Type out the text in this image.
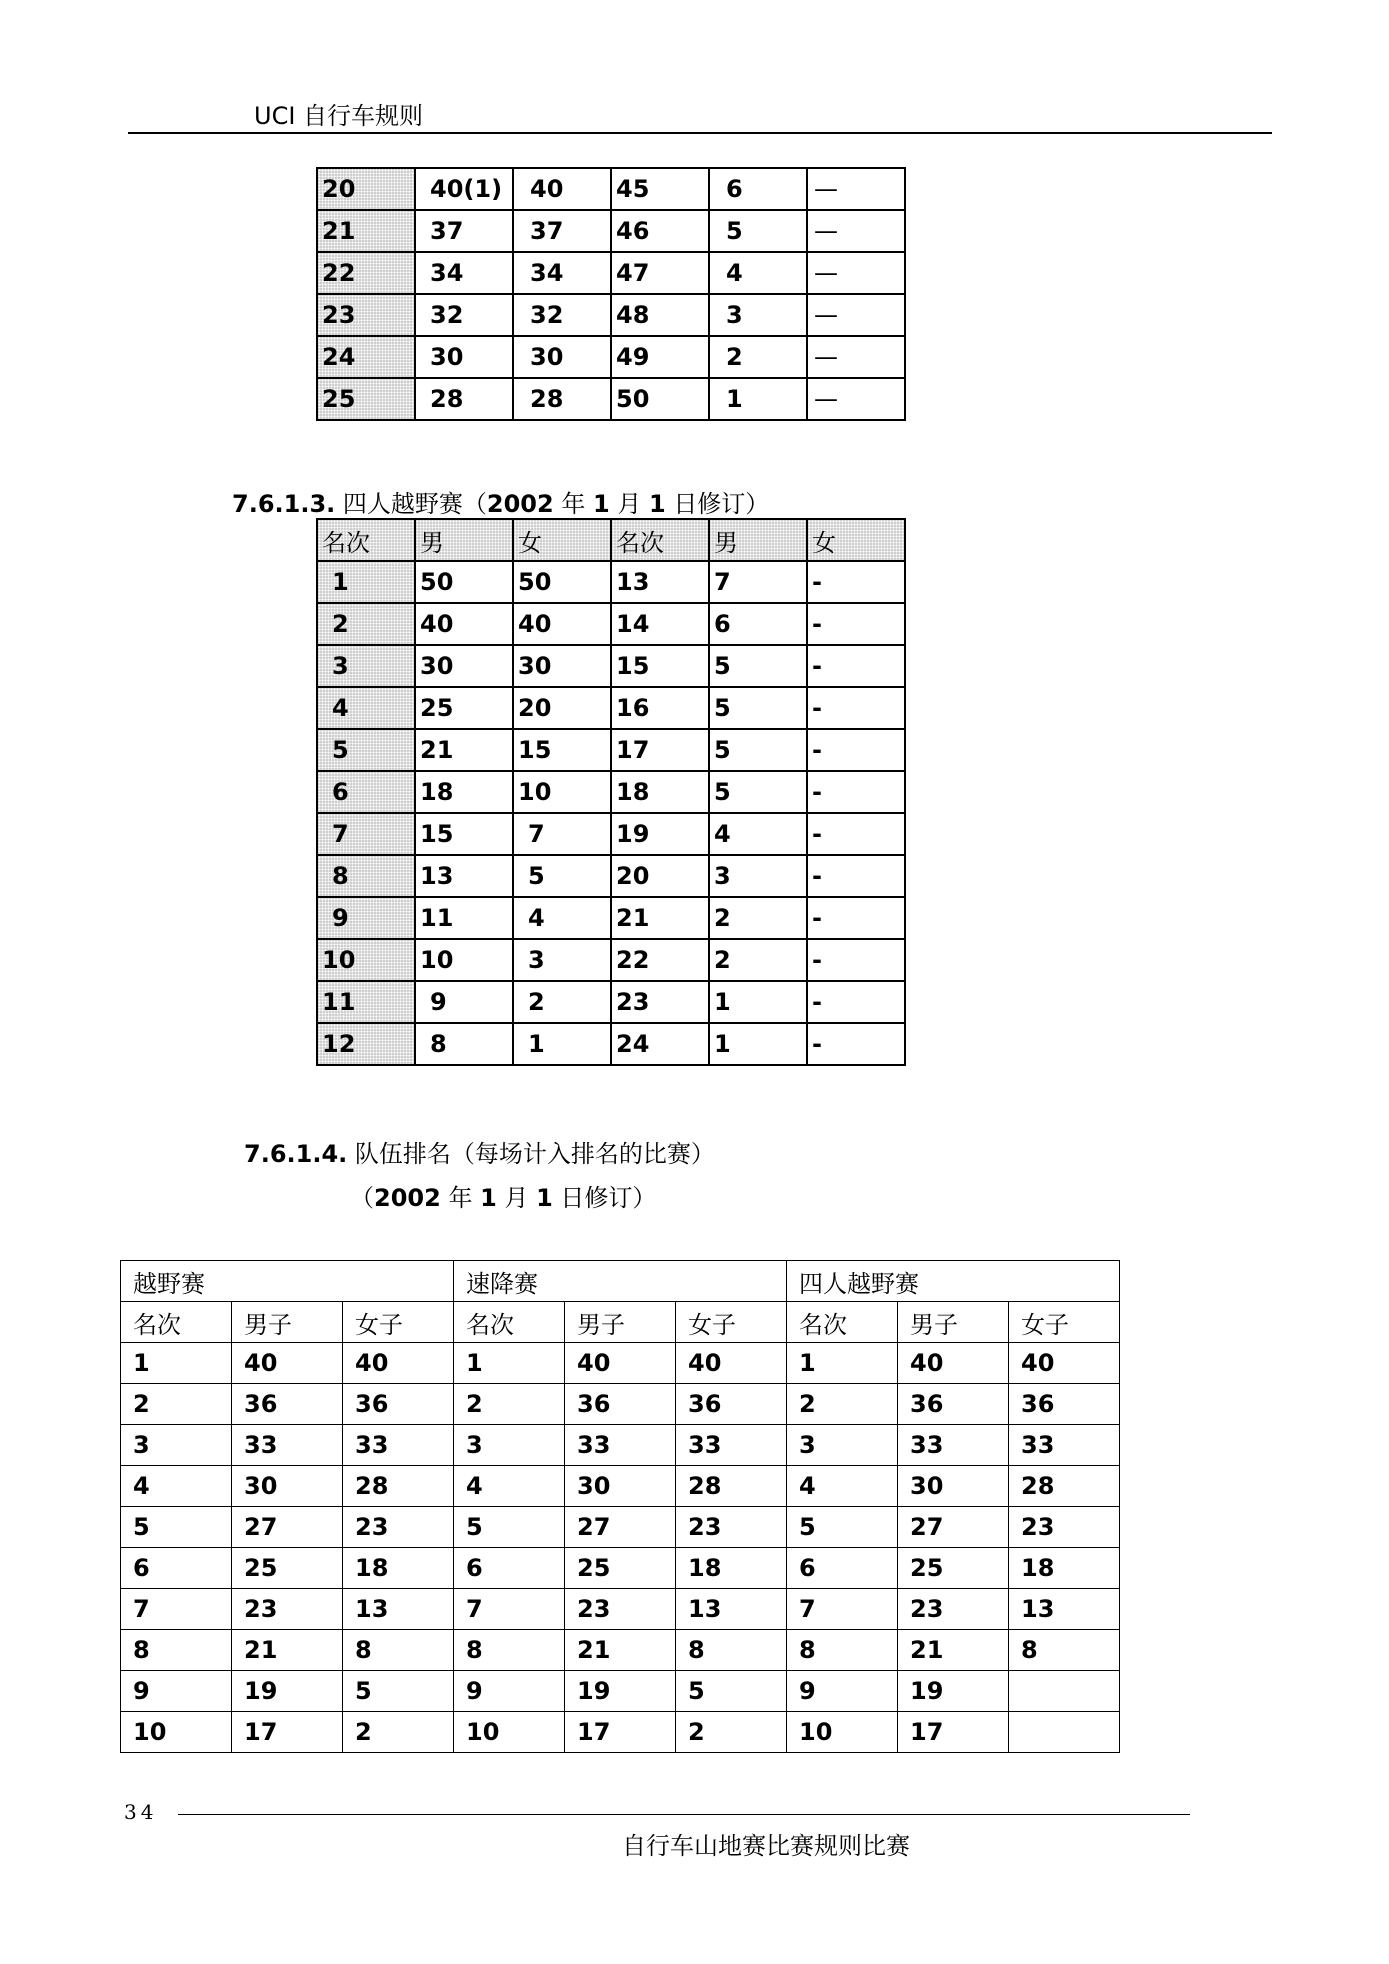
UCI 自行车规则
20	40(1)	40	45	6	—
21	37	37	46	5	—
22	34	34	47	4	—
23	32	32	48	3	—
24	30	30	49	2	—
25	28	28	50	1	—
7.6.1.3. 四人越野赛（2002 年 1 月 1 日修订）
名次	男	女	名次	男	女
1	50	50	13	7	-
2	40	40	14	6	-
3	30	30	15	5	-
4	25	20	16	5	-
5	21	15	17	5	-
6	18	10	18	5	-
7	15	7	19	4	-
8	13	5	20	3	-
9	11	4	21	2	-
10	10	3	22	2	-
11	9	2	23	1	-
12	8	1	24	1	-
7.6.1.4. 队伍排名（每场计入排名的比赛）
（2002 年 1 月 1 日修订）
越野赛			速降赛			四人越野赛		
名次	男子	女子	名次	男子	女子	名次	男子	女子
1	40	40	1	40	40	1	40	40
2	36	36	2	36	36	2	36	36
3	33	33	3	33	33	3	33	33
4	30	28	4	30	28	4	30	28
5	27	23	5	27	23	5	27	23
6	25	18	6	25	18	6	25	18
7	23	13	7	23	13	7	23	13
8	21	8	8	21	8	8	21	8
9	19	5	9	19	5	9	19	
10	17	2	10	17	2	10	17	
34
自行车山地赛比赛规则比赛
